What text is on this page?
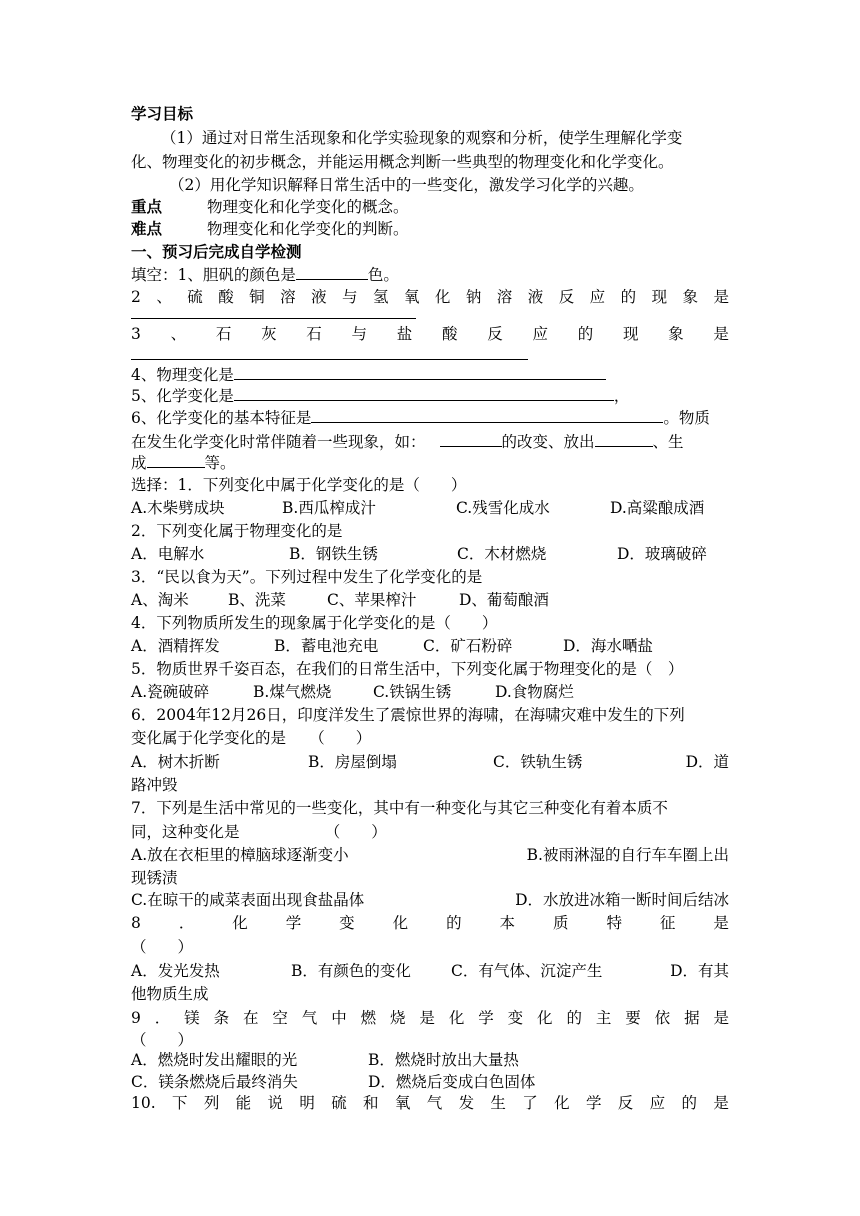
学习目标
（1）通过对日常生活现象和化学实验现象的观察和分析，使学生理解化学变
化、物理变化的初步概念，并能运用概念判断一些典型的物理变化和化学变化。
（2）用化学知识解释日常生活中的一些变化，激发学习化学的兴趣。
重点	物理变化和化学变化的概念。
难点	物理变化和化学变化的判断。
一、预习后完成自学检测
填空：1、胆矾的颜色是	色。
2 、 硫 酸 铜 溶 液 与 氢 氧 化 钠 溶 液 反 应 的 现 象 是
3 、 石 灰 石 与 盐 酸 反 应 的 现 象 是
4、物理变化是
5、化学变化是	，
6、化学变化的基本特征是	。物质
在发生化学变化时常伴随着一些现象，如：	的改变、放出	、生
成	等。
选择：1．下列变化中属于化学变化的是（　　）
A.木柴劈成块	B.西瓜榨成汁	C.残雪化成水	D.高粱酿成酒
2．下列变化属于物理变化的是
A．电解水	B．钢铁生锈	C．木材燃烧	D．玻璃破碎
3．“民以食为天”。下列过程中发生了化学变化的是
A、淘米	B、洗菜	C、苹果榨汁	D、葡萄酿酒
4．下列物质所发生的现象属于化学变化的是（　　）
A．酒精挥发	B．蓄电池充电	C．矿石粉碎	D．海水嗮盐
5．物质世界千姿百态，在我们的日常生活中，下列变化属于物理变化的是（　）
A.瓷碗破碎	B.煤气燃烧	C.铁锅生锈	D.食物腐烂
6．2004年12月26日，印度洋发生了震惊世界的海啸，在海啸灾难中发生的下列
变化属于化学变化的是　　（　　）
A．树木折断	B．房屋倒塌	C．铁轨生锈	D．道
路冲毁
7．下列是生活中常见的一些变化，其中有一种变化与其它三种变化有着本质不
同，这种变化是　　　　　　（　　）
A.放在衣柜里的樟脑球逐渐变小	B.被雨淋湿的自行车车圈上出
现锈渍
C.在晾干的咸菜表面出现食盐晶体	D．水放进冰箱一断时间后结冰
8 ． 化 学 变 化 的 本 质 特 征 是
（　　）
A．发光发热	B．有颜色的变化	C．有气体、沉淀产生	D．有其
他物质生成
9 ． 镁 条 在 空 气 中 燃 烧 是 化 学 变 化 的 主 要 依 据 是
（　　）
A．燃烧时发出耀眼的光	B．燃烧时放出大量热
C．镁条燃烧后最终消失	D．燃烧后变成白色固体
10. 下 列 能 说 明 硫 和 氧 气 发 生 了 化 学 反 应 的 是
